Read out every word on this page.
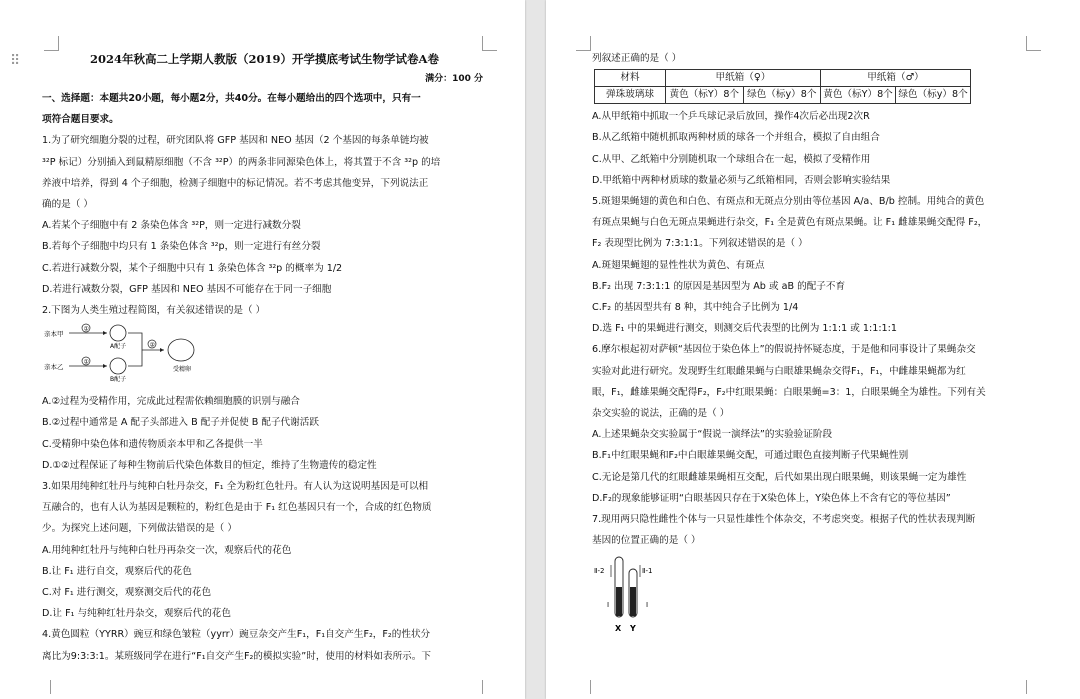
⠿	2024年秋高二上学期人教版（2019）开学摸底考试生物学试卷A卷

满分：100 分

一、选择题：本题共20小题，每小题2分，共40分。在每小题给出的四个选项中，只有一

项符合题目要求。

1.为了研究细胞分裂的过程，研究团队将 GFP 基因和 NEO 基因（2 个基因的每条单链均被

³²P 标记）分别插入到鼠精原细胞（不含 ³²P）的两条非同源染色体上，将其置于不含 ³²p 的培

养液中培养，得到 4 个子细胞，检测子细胞中的标记情况。若不考虑其他变异，下列说法正

确的是（ ）

A.若某个子细胞中有 2 条染色体含 ³²P，则一定进行减数分裂

B.若每个子细胞中均只有 1 条染色体含 ³²p，则一定进行有丝分裂

C.若进行减数分裂，某个子细胞中只有 1 条染色体含 ³²p 的概率为 1/2

D.若进行减数分裂，GFP 基因和 NEO 基因不可能存在于同一子细胞

2.下图为人类生殖过程简图，有关叙述错误的是（ ）

亲本甲
亲本乙
①
①
A配子
B配子
②
受精卵

A.②过程为受精作用，完成此过程需依赖细胞膜的识别与融合

B.②过程中通常是 A 配子头部进入 B 配子并促使 B 配子代谢活跃

C.受精卵中染色体和遗传物质亲本甲和乙各提供一半

D.①②过程保证了每种生物前后代染色体数目的恒定，维持了生物遗传的稳定性

3.如果用纯种红牡丹与纯种白牡丹杂交，F₁ 全为粉红色牡丹。有人认为这说明基因是可以相

互融合的，也有人认为基因是颗粒的，粉红色是由于 F₁ 红色基因只有一个，合成的红色物质

少。为探究上述问题，下列做法错误的是（ ）

A.用纯种红牡丹与纯种白牡丹再杂交一次，观察后代的花色

B.让 F₁ 进行自交，观察后代的花色

C.对 F₁ 进行测交，观察测交后代的花色

D.让 F₁ 与纯种红牡丹杂交，观察后代的花色

4.黄色圆粒（YYRR）豌豆和绿色皱粒（yyrr）豌豆杂交产生F₁，F₁自交产生F₂，F₂的性状分

离比为9:3:3:1。某班级同学在进行“F₁自交产生F₂的模拟实验”时，使用的材料如表所示。下

列叙述正确的是（ ）

材料	甲纸箱（♀）		甲纸箱（♂）	
弹珠玻璃球	黄色（标Y）8个	绿色（标y）8个	黄色（标Y）8个	绿色（标y）8个

A.从甲纸箱中抓取一个乒乓球记录后放回，操作4次后必出现2次R

B.从乙纸箱中随机抓取两种材质的球各一个并组合，模拟了自由组合

C.从甲、乙纸箱中分别随机取一个球组合在一起，模拟了受精作用

D.甲纸箱中两种材质球的数量必须与乙纸箱相同，否则会影响实验结果

5.斑翅果蝇翅的黄色和白色、有斑点和无斑点分别由等位基因 A/a、B/b 控制。用纯合的黄色

有斑点果蝇与白色无斑点果蝇进行杂交，F₁ 全是黄色有斑点果蝇。让 F₁ 雌雄果蝇交配得 F₂，

F₂ 表现型比例为 7:3:1:1。下列叙述错误的是（ ）

A.斑翅果蝇翅的显性性状为黄色、有斑点

B.F₂ 出现 7:3:1:1 的原因是基因型为 Ab 或 aB 的配子不育

C.F₂ 的基因型共有 8 种，其中纯合子比例为 1/4

D.选 F₁ 中的果蝇进行测交，则测交后代表型的比例为 1:1:1 或 1:1:1:1

6.摩尔根起初对萨顿“基因位于染色体上”的假说持怀疑态度，于是他和同事设计了果蝇杂交

实验对此进行研究。发现野生红眼雌果蝇与白眼雄果蝇杂交得F₁，F₁，中雌雄果蝇都为红

眼，F₁，雌雄果蝇交配得F₂，F₂中红眼果蝇：白眼果蝇=3：1，白眼果蝇全为雄性。下列有关

杂交实验的说法，正确的是（ ）

A.上述果蝇杂交实验属于“假说一演绎法”的实验验证阶段

B.F₁中红眼果蝇和F₂中白眼雄果蝇交配，可通过眼色直接判断子代果蝇性别

C.无论是第几代的红眼雌雄果蝇相互交配，后代如果出现白眼果蝇，则该果蝇一定为雄性

D.F₂的现象能够证明“白眼基因只存在于X染色体上，Y染色体上不含有它的等位基因”

7.现用两只隐性雌性个体与一只显性雄性个体杂交，不考虑突变。根据子代的性状表现判断

基因的位置正确的是（ ）

Ⅱ-2	Ⅱ-1
Ⅰ	Ⅰ
X Y
